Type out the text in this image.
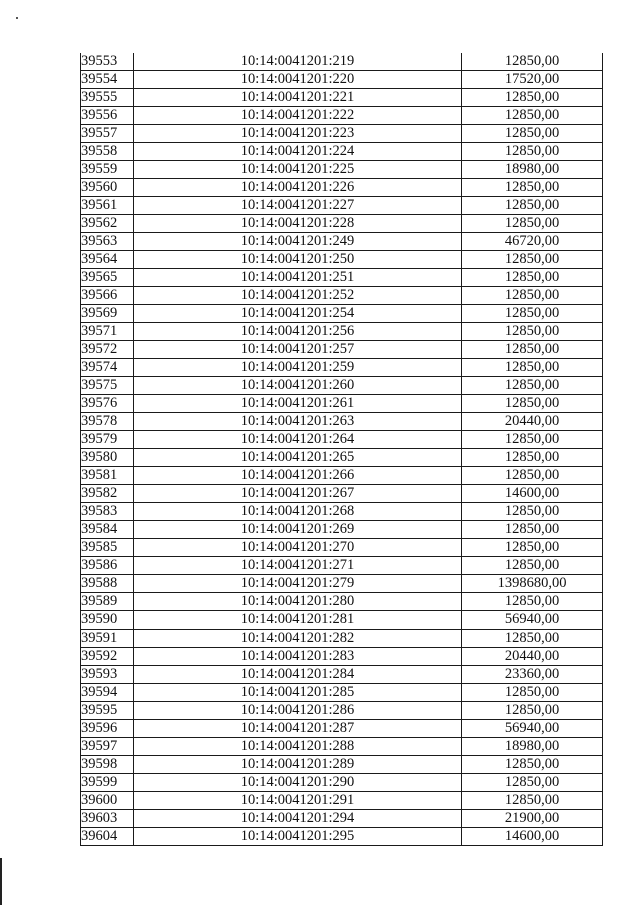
39553	10:14:0041201:219	12850,00
39554	10:14:0041201:220	17520,00
39555	10:14:0041201:221	12850,00
39556	10:14:0041201:222	12850,00
39557	10:14:0041201:223	12850,00
39558	10:14:0041201:224	12850,00
39559	10:14:0041201:225	18980,00
39560	10:14:0041201:226	12850,00
39561	10:14:0041201:227	12850,00
39562	10:14:0041201:228	12850,00
39563	10:14:0041201:249	46720,00
39564	10:14:0041201:250	12850,00
39565	10:14:0041201:251	12850,00
39566	10:14:0041201:252	12850,00
39569	10:14:0041201:254	12850,00
39571	10:14:0041201:256	12850,00
39572	10:14:0041201:257	12850,00
39574	10:14:0041201:259	12850,00
39575	10:14:0041201:260	12850,00
39576	10:14:0041201:261	12850,00
39578	10:14:0041201:263	20440,00
39579	10:14:0041201:264	12850,00
39580	10:14:0041201:265	12850,00
39581	10:14:0041201:266	12850,00
39582	10:14:0041201:267	14600,00
39583	10:14:0041201:268	12850,00
39584	10:14:0041201:269	12850,00
39585	10:14:0041201:270	12850,00
39586	10:14:0041201:271	12850,00
39588	10:14:0041201:279	1398680,00
39589	10:14:0041201:280	12850,00
39590	10:14:0041201:281	56940,00
39591	10:14:0041201:282	12850,00
39592	10:14:0041201:283	20440,00
39593	10:14:0041201:284	23360,00
39594	10:14:0041201:285	12850,00
39595	10:14:0041201:286	12850,00
39596	10:14:0041201:287	56940,00
39597	10:14:0041201:288	18980,00
39598	10:14:0041201:289	12850,00
39599	10:14:0041201:290	12850,00
39600	10:14:0041201:291	12850,00
39603	10:14:0041201:294	21900,00
39604	10:14:0041201:295	14600,00
